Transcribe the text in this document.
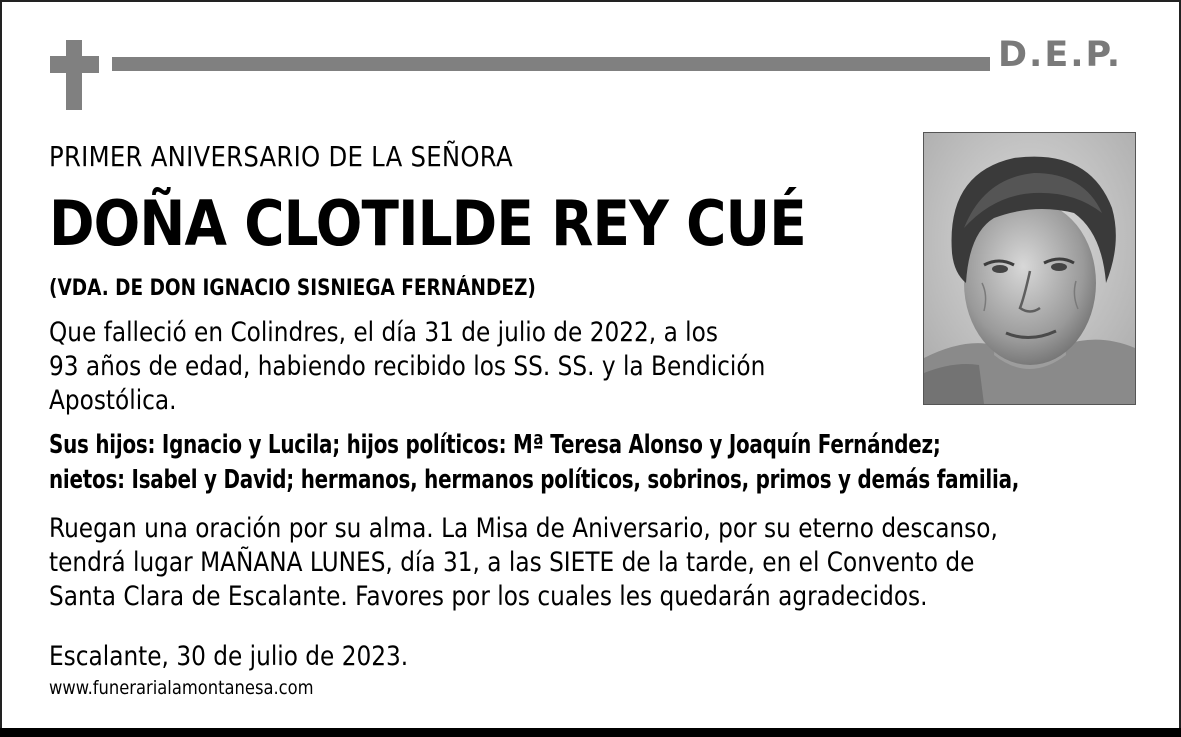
D.E.P.

PRIMER ANIVERSARIO DE LA SEÑORA

DOÑA CLOTILDE REY CUÉ

(VDA. DE DON IGNACIO SISNIEGA FERNÁNDEZ)

Que falleció en Colindres, el día 31 de julio de 2022, a los
93 años de edad, habiendo recibido los SS. SS. y la Bendición
Apostólica.

Sus hijos: Ignacio y Lucila; hijos políticos: Mª Teresa Alonso y Joaquín Fernández;
nietos: Isabel y David; hermanos, hermanos políticos, sobrinos, primos y demás familia,

Ruegan una oración por su alma. La Misa de Aniversario, por su eterno descanso,
tendrá lugar MAÑANA LUNES, día 31, a las SIETE de la tarde, en el Convento de
Santa Clara de Escalante. Favores por los cuales les quedarán agradecidos.

Escalante, 30 de julio de 2023.

www.funerarialamontanesa.com
